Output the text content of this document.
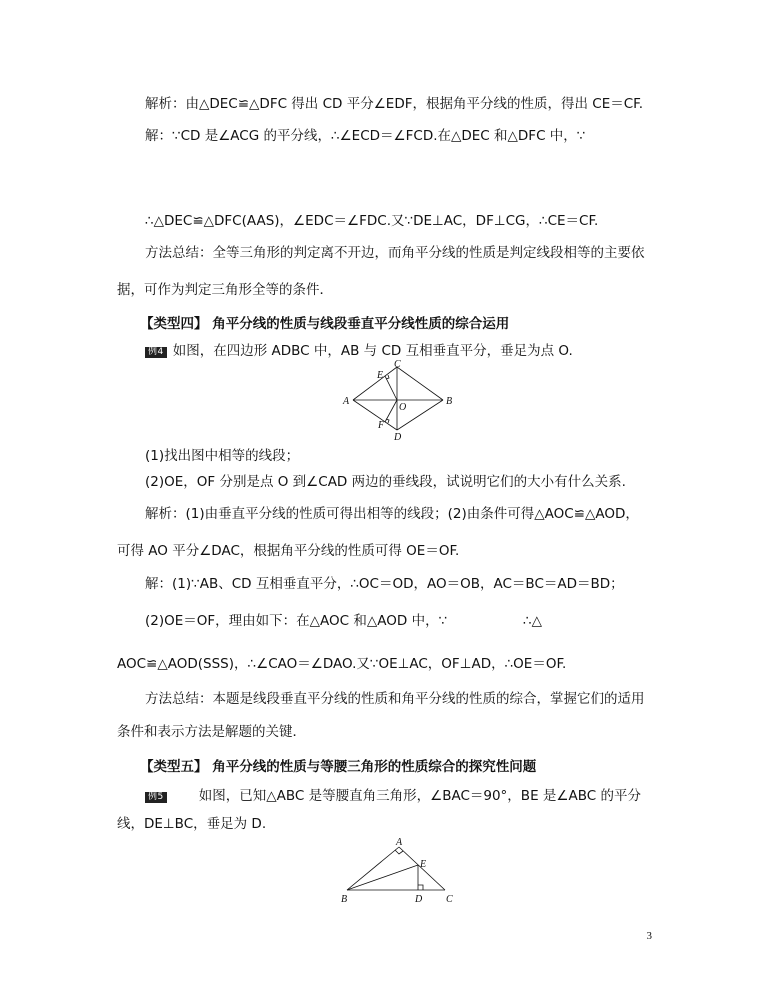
解析：由△DEC≌△DFC 得出 CD 平分∠EDF，根据角平分线的性质，得出 CE＝CF.
解：∵CD 是∠ACG 的平分线，∴∠ECD＝∠FCD.在△DEC 和△DFC 中，∵
∴△DEC≌△DFC(AAS)，∠EDC＝∠FDC.又∵DE⊥AC，DF⊥CG，∴CE＝CF.
方法总结：全等三角形的判定离不开边，而角平分线的性质是判定线段相等的主要依
据，可作为判定三角形全等的条件．
【类型四】 角平分线的性质与线段垂直平分线性质的综合运用
例4 如图，在四边形 ADBC 中，AB 与 CD 互相垂直平分，垂足为点 O.
A	B
C
D
E
F
O
(1)找出图中相等的线段；
(2)OE，OF 分别是点 O 到∠CAD 两边的垂线段，试说明它们的大小有什么关系.
解析：(1)由垂直平分线的性质可得出相等的线段；(2)由条件可得△AOC≌△AOD，
可得 AO 平分∠DAC，根据角平分线的性质可得 OE＝OF.
解：(1)∵AB、CD 互相垂直平分，∴OC＝OD，AO＝OB，AC＝BC＝AD＝BD；
(2)OE＝OF，理由如下：在△AOC 和△AOD 中，∵	∴△
AOC≌△AOD(SSS)，∴∠CAO＝∠DAO.又∵OE⊥AC，OF⊥AD，∴OE＝OF.
方法总结：本题是线段垂直平分线的性质和角平分线的性质的综合，掌握它们的适用
条件和表示方法是解题的关键．
【类型五】 角平分线的性质与等腰三角形的性质综合的探究性问题
例5	如图，已知△ABC 是等腰直角三角形，∠BAC＝90°，BE 是∠ABC 的平分
线，DE⊥BC，垂足为 D.
A
B	C
D
E
3
